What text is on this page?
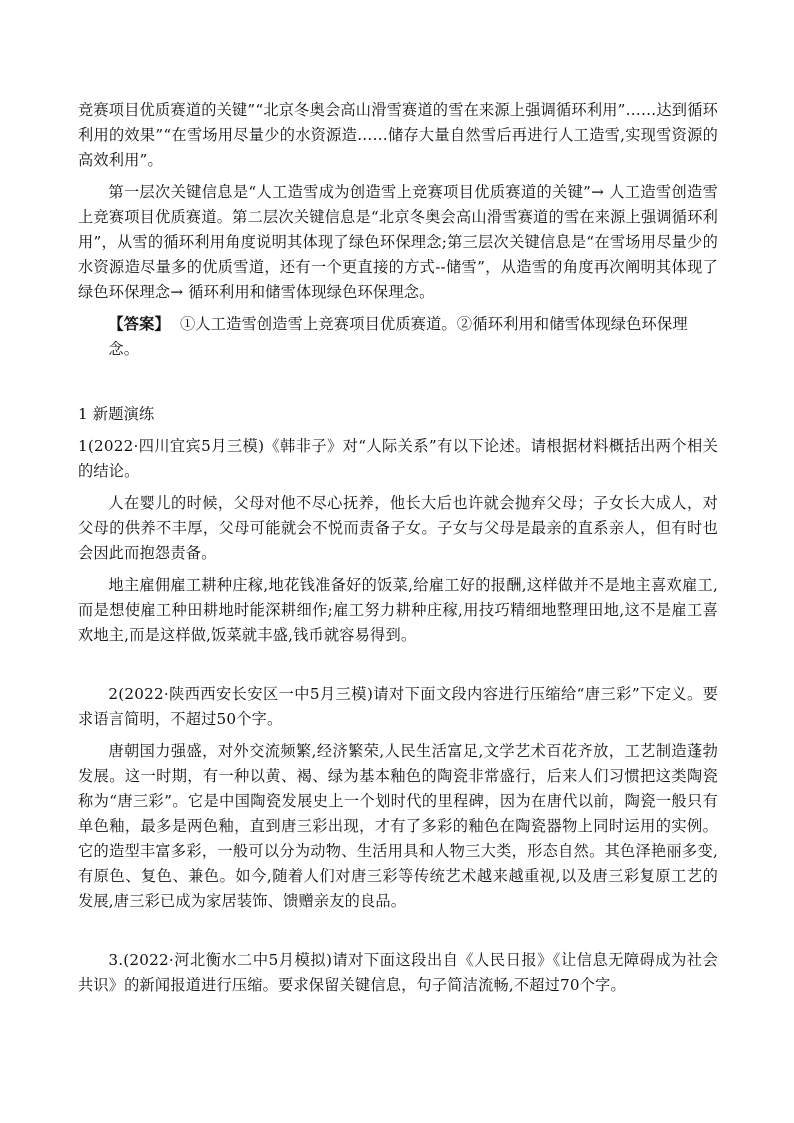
竞赛项目优质赛道的关键”“北京冬奥会高山滑雪赛道的雪在来源上强调循环利用”……达到循环利用的效果”“在雪场用尽量少的水资源造……储存大量自然雪后再进行人工造雪,实现雪资源的高效利用”。

第一层次关键信息是“人工造雪成为创造雪上竞赛项目优质赛道的关键”→ 人工造雪创造雪上竞赛项目优质赛道。第二层次关键信息是“北京冬奥会高山滑雪赛道的雪在来源上强调循环利用”，从雪的循环利用角度说明其体现了绿色环保理念;第三层次关键信息是“在雪场用尽量少的水资源造尽量多的优质雪道，还有一个更直接的方式--储雪”，从造雪的角度再次阐明其体现了绿色环保理念→ 循环利用和储雪体现绿色环保理念。

【答案】 ①人工造雪创造雪上竞赛项目优质赛道。②循环利用和储雪体现绿色环保理念。

1 新题演练

1(2022·四川宜宾5月三模)《韩非子》对“人际关系”有以下论述。请根据材料概括出两个相关的结论。

人在婴儿的时候，父母对他不尽心抚养，他长大后也许就会抛弃父母；子女长大成人，对父母的供养不丰厚，父母可能就会不悦而责备子女。子女与父母是最亲的直系亲人，但有时也会因此而抱怨责备。

地主雇佣雇工耕种庄稼,地花钱准备好的饭菜,给雇工好的报酬,这样做并不是地主喜欢雇工,而是想使雇工种田耕地时能深耕细作;雇工努力耕种庄稼,用技巧精细地整理田地,这不是雇工喜欢地主,而是这样做,饭菜就丰盛,钱币就容易得到。

2(2022·陕西西安长安区一中5月三模)请对下面文段内容进行压缩给“唐三彩”下定义。要求语言简明，不超过50个字。

唐朝国力强盛，对外交流频繁,经济繁荣,人民生活富足,文学艺术百花齐放，工艺制造蓬勃发展。这一时期，有一种以黄、褐、绿为基本釉色的陶瓷非常盛行，后来人们习惯把这类陶瓷称为“唐三彩”。它是中国陶瓷发展史上一个划时代的里程碑，因为在唐代以前，陶瓷一般只有单色釉，最多是两色釉，直到唐三彩出现，才有了多彩的釉色在陶瓷器物上同时运用的实例。它的造型丰富多彩，一般可以分为动物、生活用具和人物三大类，形态自然。其色泽艳丽多变,有原色、复色、兼色。如今,随着人们对唐三彩等传统艺术越来越重视,以及唐三彩复原工艺的发展,唐三彩已成为家居装饰、馈赠亲友的良品。

3.(2022·河北衡水二中5月模拟)请对下面这段出自《人民日报》《让信息无障碍成为社会共识》的新闻报道进行压缩。要求保留关键信息，句子简洁流畅,不超过70个字。
